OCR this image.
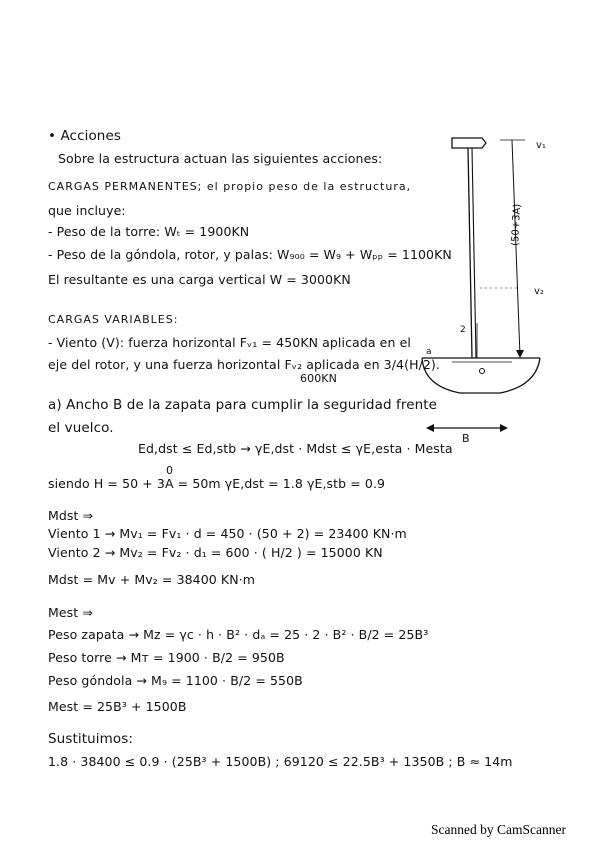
• Acciones
Sobre la estructura actuan las siguientes acciones:
CARGAS PERMANENTES; el propio peso de la estructura,
que incluye:
- Peso de la torre: Wₜ = 1900KN
- Peso de la góndola, rotor, y palas: W₉₀₀ = W₉ + Wₚₚ = 1100KN
El resultante es una carga vertical W = 3000KN
CARGAS VARIABLES:
- Viento (V): fuerza horizontal Fᵥ₁ = 450KN aplicada en el
eje del rotor, y una fuerza horizontal Fᵥ₂ aplicada en 3/4(H/2).
600KN
a) Ancho B de la zapata para cumplir la seguridad frente
el vuelco.
Ed,dst ≤ Ed,stb → γE,dst · Mdst ≤ γE,esta · Mesta
0
siendo H = 50 + 3A = 50m γE,dst = 1.8 γE,stb = 0.9
Mdst ⇒
Viento 1 → Mv₁ = Fv₁ · d = 450 · (50 + 2) = 23400 KN·m
Viento 2 → Mv₂ = Fv₂ · d₁ = 600 · ( H/2 ) = 15000 KN
Mdst = Mv + Mv₂ = 38400 KN·m
Mest ⇒
Peso zapata → Mz = γc · h · B² · dₐ = 25 · 2 · B² · B/2 = 25B³
Peso torre → Mт = 1900 · B/2 = 950B
Peso góndola → M₉ = 1100 · B/2 = 550B
Mest = 25B³ + 1500B
Sustituimos:
1.8 · 38400 ≤ 0.9 · (25B³ + 1500B) ; 69120 ≤ 22.5B³ + 1350B ; B ≈ 14m
(50+3A)
v₁
v₂
2
a
B
Scanned by CamScanner
